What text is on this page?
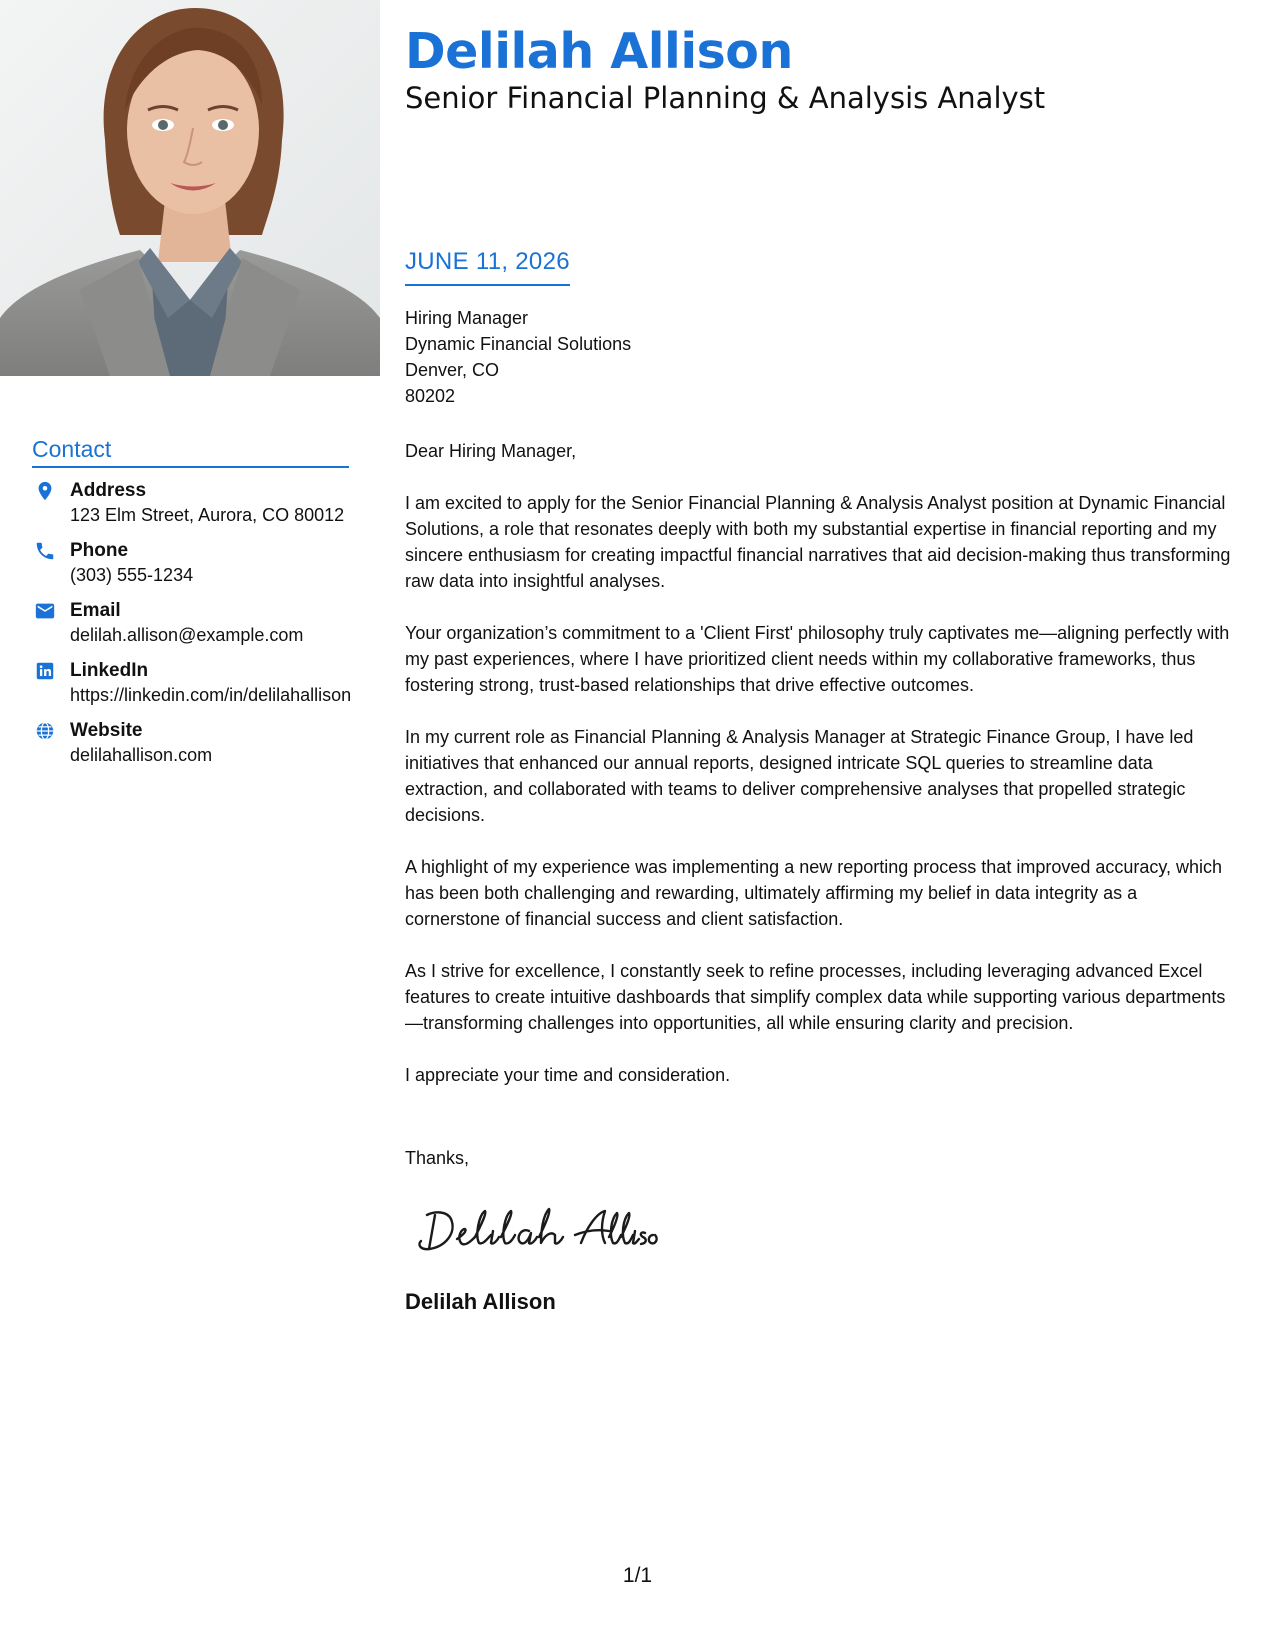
Delilah Allison
Senior Financial Planning & Analysis Analyst
JUNE 11, 2026
Hiring Manager
Dynamic Financial Solutions
Denver, CO
80202

Dear Hiring Manager,

I am excited to apply for the Senior Financial Planning & Analysis Analyst position at Dynamic Financial Solutions, a role that resonates deeply with both my substantial expertise in financial reporting and my sincere enthusiasm for creating impactful financial narratives that aid decision-making thus transforming raw data into insightful analyses.

Your organization’s commitment to a 'Client First' philosophy truly captivates me—aligning perfectly with my past experiences, where I have prioritized client needs within my collaborative frameworks, thus fostering strong, trust-based relationships that drive effective outcomes.

In my current role as Financial Planning & Analysis Manager at Strategic Finance Group, I have led initiatives that enhanced our annual reports, designed intricate SQL queries to streamline data extraction, and collaborated with teams to deliver comprehensive analyses that propelled strategic decisions.

A highlight of my experience was implementing a new reporting process that improved accuracy, which has been both challenging and rewarding, ultimately affirming my belief in data integrity as a cornerstone of financial success and client satisfaction.

As I strive for excellence, I constantly seek to refine processes, including leveraging advanced Excel features to create intuitive dashboards that simplify complex data while supporting various departments—transforming challenges into opportunities, all while ensuring clarity and precision.

I appreciate your time and consideration.

Thanks,
Delilah Allison
Contact
Address
123 Elm Street, Aurora, CO 80012
Phone
(303) 555-1234
Email
delilah.allison@example.com
LinkedIn
https://linkedin.com/in/delilahallison
Website
delilahallison.com
1/1
